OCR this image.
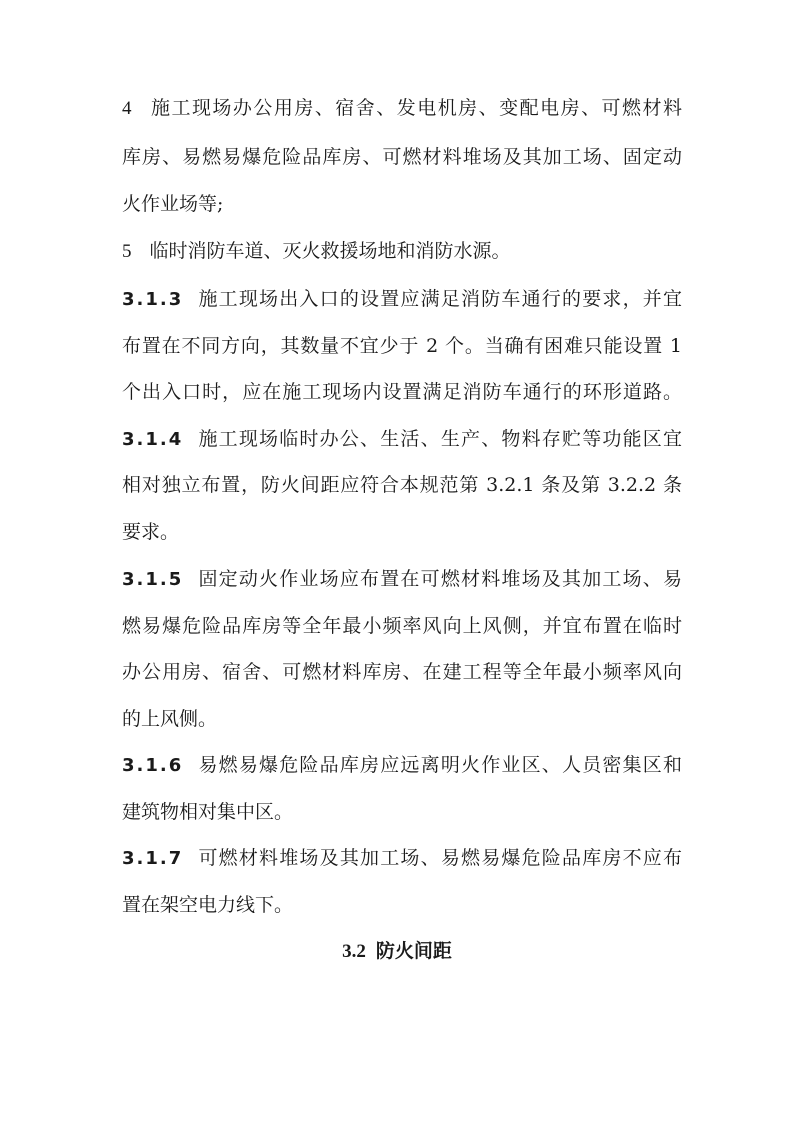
4 施工现场办公用房、宿舍、发电机房、变配电房、可燃材料
库房、易燃易爆危险品库房、可燃材料堆场及其加工场、固定动
火作业场等;
5 临时消防车道、灭火救援场地和消防水源。
3.1.3 施工现场出入口的设置应满足消防车通行的要求，并宜
布置在不同方向，其数量不宜少于 2 个。当确有困难只能设置 1
个出入口时，应在施工现场内设置满足消防车通行的环形道路。
3.1.4 施工现场临时办公、生活、生产、物料存贮等功能区宜
相对独立布置，防火间距应符合本规范第 3.2.1 条及第 3.2.2 条
要求。
3.1.5 固定动火作业场应布置在可燃材料堆场及其加工场、易
燃易爆危险品库房等全年最小频率风向上风侧，并宜布置在临时
办公用房、宿舍、可燃材料库房、在建工程等全年最小频率风向
的上风侧。
3.1.6 易燃易爆危险品库房应远离明火作业区、人员密集区和
建筑物相对集中区。
3.1.7 可燃材料堆场及其加工场、易燃易爆危险品库房不应布
置在架空电力线下。
3.2 防火间距
